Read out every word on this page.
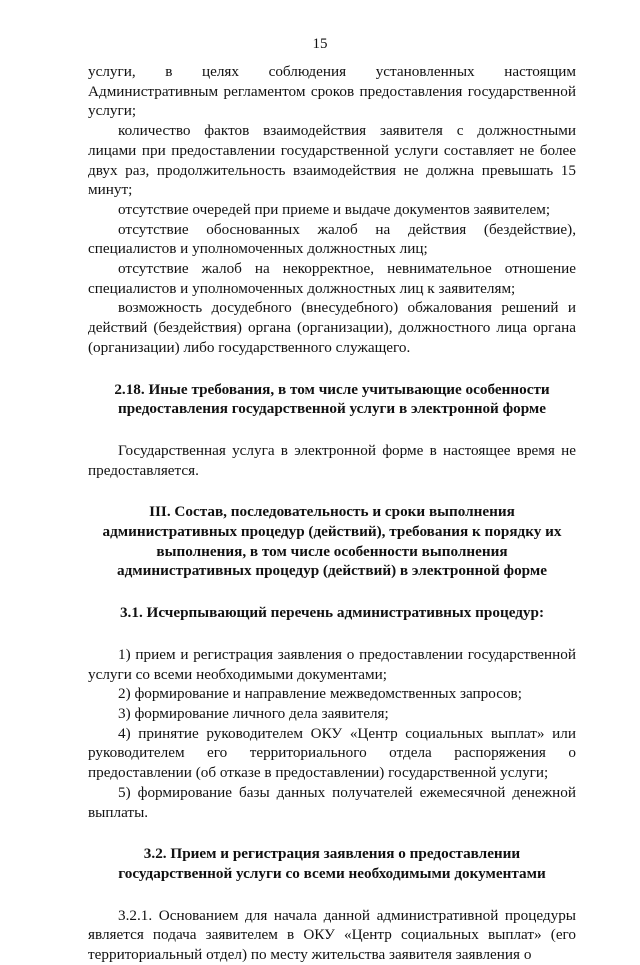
15

услуги, в целях соблюдения установленных настоящим Административным регламентом сроков предоставления государственной услуги;

количество фактов взаимодействия заявителя с должностными лицами при предоставлении государственной услуги составляет не более двух раз, продолжительность взаимодействия не должна превышать 15 минут;

отсутствие очередей при приеме и выдаче документов заявителем;

отсутствие обоснованных жалоб на действия (бездействие), специалистов и уполномоченных должностных лиц;

отсутствие жалоб на некорректное, невнимательное отношение специалистов и уполномоченных должностных лиц к заявителям;

возможность досудебного (внесудебного) обжалования решений и действий (бездействия) органа (организации), должностного лица органа (организации) либо государственного служащего.

2.18. Иные требования, в том числе учитывающие особенности предоставления государственной услуги в электронной форме

Государственная услуга в электронной форме в настоящее время не предоставляется.

III. Состав, последовательность и сроки выполнения административных процедур (действий), требования к порядку их выполнения, в том числе особенности выполнения административных процедур (действий) в электронной форме

3.1. Исчерпывающий перечень административных процедур:

1) прием и регистрация заявления о предоставлении государственной услуги со всеми необходимыми документами;

2) формирование и направление межведомственных запросов;

3) формирование личного дела заявителя;

4) принятие руководителем ОКУ «Центр социальных выплат» или руководителем его территориального отдела распоряжения о предоставлении (об отказе в предоставлении) государственной услуги;

5) формирование базы данных получателей ежемесячной денежной выплаты.

3.2. Прием и регистрация заявления о предоставлении государственной услуги со всеми необходимыми документами

3.2.1. Основанием для начала данной административной процедуры является подача заявителем в ОКУ «Центр социальных выплат» (его территориальный отдел) по месту жительства заявителя заявления о
